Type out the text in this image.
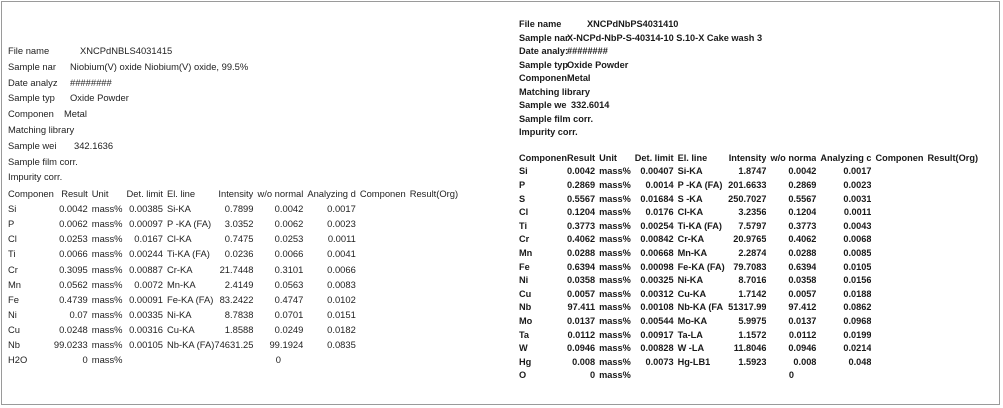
File name	XNCPdNBLS4031415
Sample nar Niobium(V) oxide Niobium(V) oxide, 99.5%
Date analyz ########
Sample typ Oxide Powder
Componen Metal
Matching library
Sample wei 342.1636
Sample film corr.
Impurity corr.
Componen	Result	Unit	Det. limit	El. line	Intensity	w/o normal	Analyzing d	Componen	Result(Org)
Si	0.0042	mass%	0.00385	Si-KA	0.7899	0.0042	0.0017		
P	0.0062	mass%	0.00097	P -KA (FA)	3.0352	0.0062	0.0023		
Cl	0.0253	mass%	0.0167	Cl-KA	0.7475	0.0253	0.0011		
Ti	0.0066	mass%	0.00244	Ti-KA (FA)	0.0236	0.0066	0.0041		
Cr	0.3095	mass%	0.00887	Cr-KA	21.7448	0.3101	0.0066		
Mn	0.0562	mass%	0.0072	Mn-KA	2.4149	0.0563	0.0083		
Fe	0.4739	mass%	0.00091	Fe-KA (FA)	83.2422	0.4747	0.0102		
Ni	0.07	mass%	0.00335	Ni-KA	8.7838	0.0701	0.0151		
Cu	0.0248	mass%	0.00316	Cu-KA	1.8588	0.0249	0.0182		
Nb	99.0233	mass%	0.00105	Nb-KA (FA)	74631.25	99.1924	0.0835		
H2O	0	mass%				0			
File name	XNCPdNbPS4031410
Sample narX-NCPd-NbP-S-40314-10 S.10-X Cake wash 3
Date analy:########
Sample typOxide Powder
ComponenMetal
Matching library
Sample we 332.6014
Sample film corr.
Impurity corr.
Componen	Result	Unit	Det. limit	El. line	Intensity	w/o norma	Analyzing c	Componen	Result(Org)
Si	0.0042	mass%	0.00407	Si-KA	1.8747	0.0042	0.0017		
P	0.2869	mass%	0.0014	P -KA (FA)	201.6633	0.2869	0.0023		
S	0.5567	mass%	0.01684	S -KA	250.7027	0.5567	0.0031		
Cl	0.1204	mass%	0.0176	Cl-KA	3.2356	0.1204	0.0011		
Ti	0.3773	mass%	0.00254	Ti-KA (FA)	7.5797	0.3773	0.0043		
Cr	0.4062	mass%	0.00842	Cr-KA	20.9765	0.4062	0.0068		
Mn	0.0288	mass%	0.00668	Mn-KA	2.2874	0.0288	0.0085		
Fe	0.6394	mass%	0.00098	Fe-KA (FA)	79.7083	0.6394	0.0105		
Ni	0.0358	mass%	0.00325	Ni-KA	8.7016	0.0358	0.0156		
Cu	0.0057	mass%	0.00312	Cu-KA	1.7142	0.0057	0.0188		
Nb	97.411	mass%	0.00108	Nb-KA (FA	51317.99	97.412	0.0862		
Mo	0.0137	mass%	0.00544	Mo-KA	5.9975	0.0137	0.0968		
Ta	0.0112	mass%	0.00917	Ta-LA	1.1572	0.0112	0.0199		
W	0.0946	mass%	0.00828	W -LA	11.8046	0.0946	0.0214		
Hg	0.008	mass%	0.0073	Hg-LB1	1.5923	0.008	0.048		
O	0	mass%				0			
